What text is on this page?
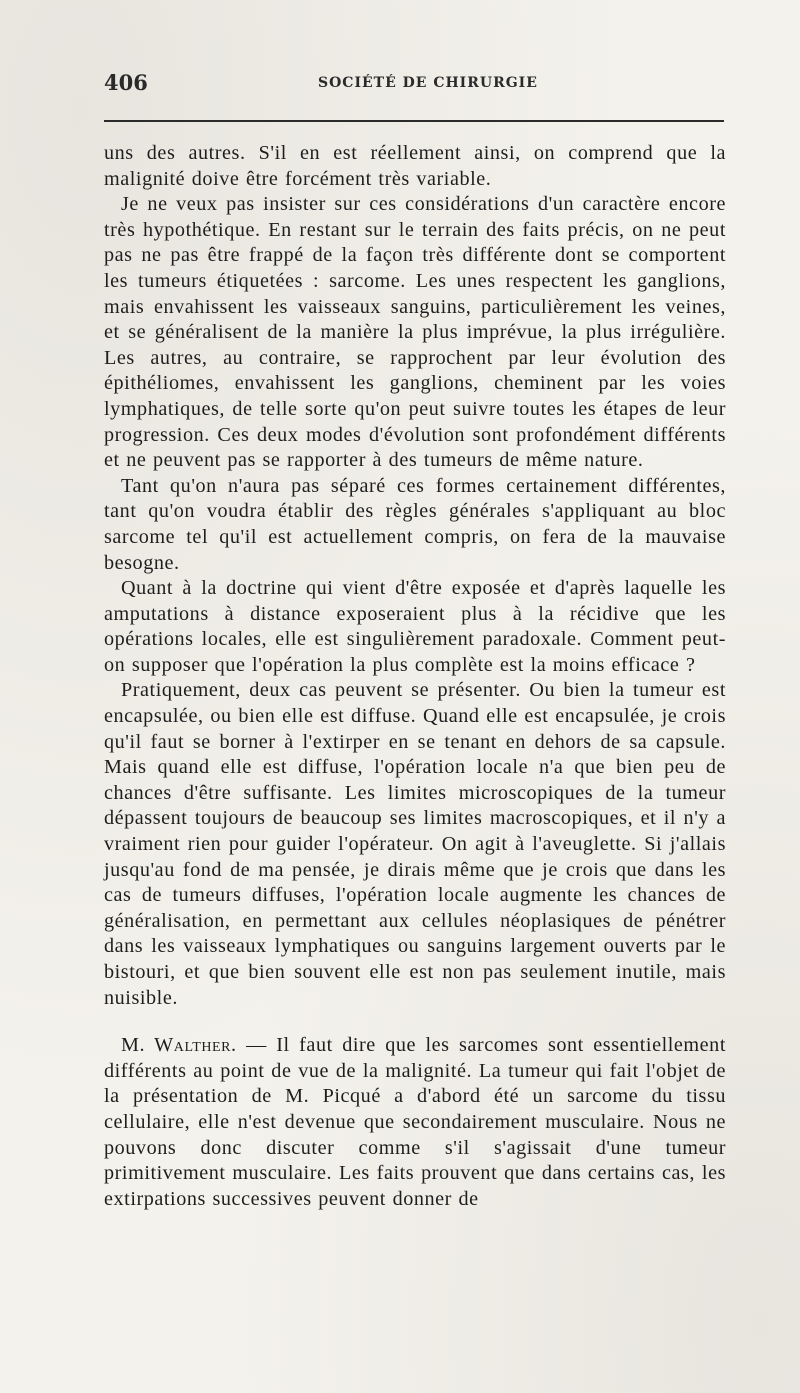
406	SOCIÉTÉ DE CHIRURGIE

uns des autres. S'il en est réellement ainsi, on comprend que la malignité doive être forcément très variable.

Je ne veux pas insister sur ces considérations d'un caractère encore très hypothétique. En restant sur le terrain des faits précis, on ne peut pas ne pas être frappé de la façon très différente dont se comportent les tumeurs étiquetées : sarcome. Les unes respectent les ganglions, mais envahissent les vaisseaux sanguins, particulièrement les veines, et se généralisent de la manière la plus imprévue, la plus irrégulière. Les autres, au contraire, se rapprochent par leur évolution des épithéliomes, envahissent les ganglions, cheminent par les voies lymphatiques, de telle sorte qu'on peut suivre toutes les étapes de leur progression. Ces deux modes d'évolution sont profondément différents et ne peuvent pas se rapporter à des tumeurs de même nature.

Tant qu'on n'aura pas séparé ces formes certainement différentes, tant qu'on voudra établir des règles générales s'appliquant au bloc sarcome tel qu'il est actuellement compris, on fera de la mauvaise besogne.

Quant à la doctrine qui vient d'être exposée et d'après laquelle les amputations à distance exposeraient plus à la récidive que les opérations locales, elle est singulièrement paradoxale. Comment peut-on supposer que l'opération la plus complète est la moins efficace ?

Pratiquement, deux cas peuvent se présenter. Ou bien la tumeur est encapsulée, ou bien elle est diffuse. Quand elle est encapsulée, je crois qu'il faut se borner à l'extirper en se tenant en dehors de sa capsule. Mais quand elle est diffuse, l'opération locale n'a que bien peu de chances d'être suffisante. Les limites microscopiques de la tumeur dépassent toujours de beaucoup ses limites macroscopiques, et il n'y a vraiment rien pour guider l'opérateur. On agit à l'aveuglette. Si j'allais jusqu'au fond de ma pensée, je dirais même que je crois que dans les cas de tumeurs diffuses, l'opération locale augmente les chances de généralisation, en permettant aux cellules néoplasiques de pénétrer dans les vaisseaux lymphatiques ou sanguins largement ouverts par le bistouri, et que bien souvent elle est non pas seulement inutile, mais nuisible.

M. Walther. — Il faut dire que les sarcomes sont essentiellement différents au point de vue de la malignité. La tumeur qui fait l'objet de la présentation de M. Picqué a d'abord été un sarcome du tissu cellulaire, elle n'est devenue que secondairement musculaire. Nous ne pouvons donc discuter comme s'il s'agissait d'une tumeur primitivement musculaire. Les faits prouvent que dans certains cas, les extirpations successives peuvent donner de
